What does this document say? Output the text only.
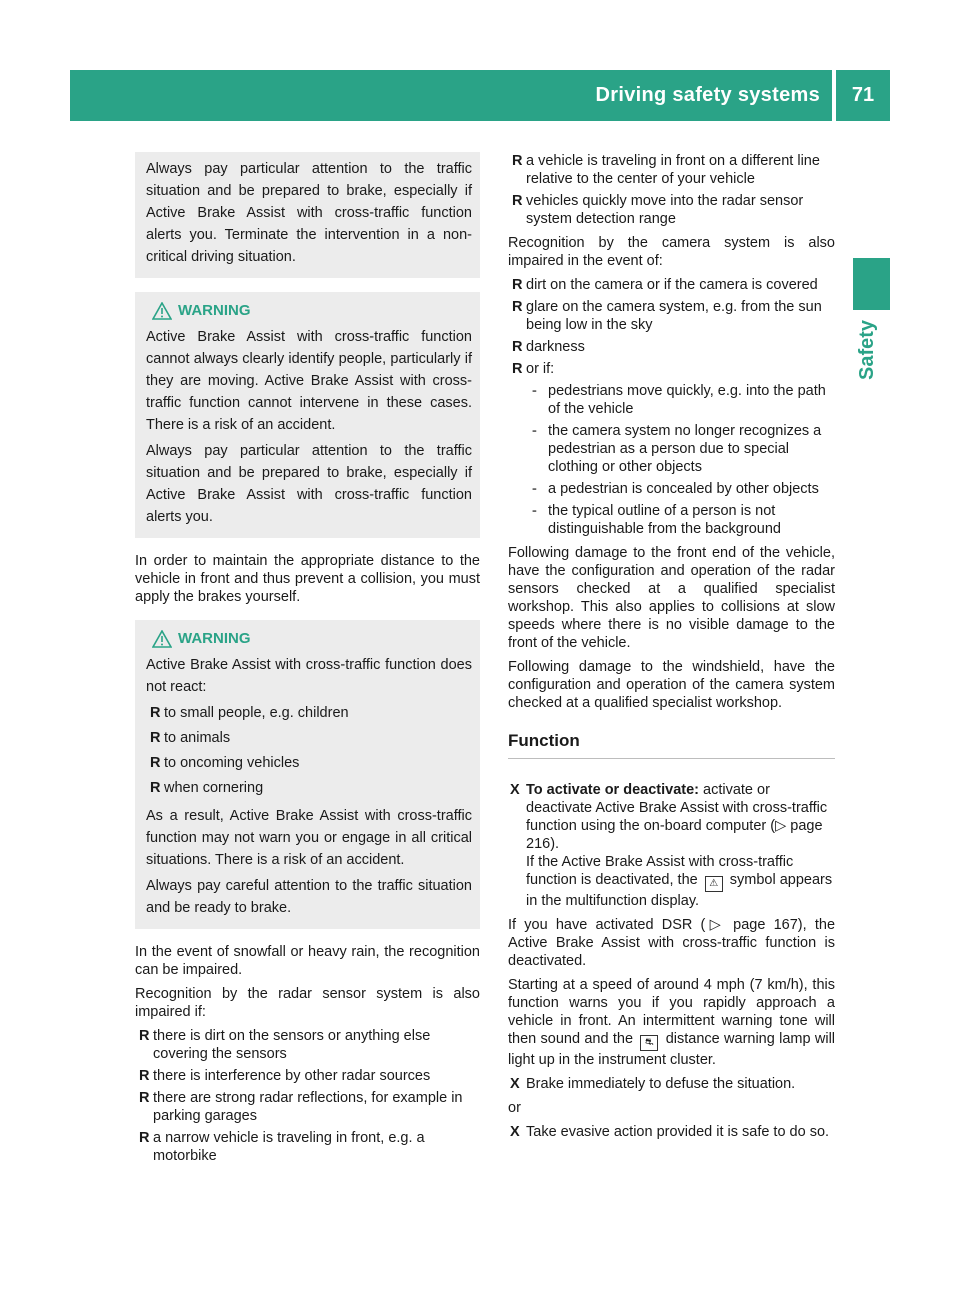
Driving safety systems	71
Safety

Always pay particular attention to the traffic situation and be prepared to brake, especially if Active Brake Assist with cross-traffic function alerts you. Terminate the intervention in a non-critical driving situation.

WARNING

Active Brake Assist with cross-traffic function cannot always clearly identify people, particularly if they are moving. Active Brake Assist with cross-traffic function cannot intervene in these cases. There is a risk of an accident.

Always pay particular attention to the traffic situation and be prepared to brake, especially if Active Brake Assist with cross-traffic function alerts you.

In order to maintain the appropriate distance to the vehicle in front and thus prevent a collision, you must apply the brakes yourself.

WARNING

Active Brake Assist with cross-traffic function does not react:

R to small people, e.g. children
R to animals
R to oncoming vehicles
R when cornering

As a result, Active Brake Assist with cross-traffic function may not warn you or engage in all critical situations. There is a risk of an accident.

Always pay careful attention to the traffic situation and be ready to brake.

In the event of snowfall or heavy rain, the recognition can be impaired.

Recognition by the radar sensor system is also impaired if:

R there is dirt on the sensors or anything else covering the sensors
R there is interference by other radar sources
R there are strong radar reflections, for example in parking garages
R a narrow vehicle is traveling in front, e.g. a motorbike
R a vehicle is traveling in front on a different line relative to the center of your vehicle
R vehicles quickly move into the radar sensor system detection range

Recognition by the camera system is also impaired in the event of:

R dirt on the camera or if the camera is covered
R glare on the camera system, e.g. from the sun being low in the sky
R darkness
R or if:
- pedestrians move quickly, e.g. into the path of the vehicle
- the camera system no longer recognizes a pedestrian as a person due to special clothing or other objects
- a pedestrian is concealed by other objects
- the typical outline of a person is not distinguishable from the background

Following damage to the front end of the vehicle, have the configuration and operation of the radar sensors checked at a qualified specialist workshop. This also applies to collisions at slow speeds where there is no visible damage to the front of the vehicle.

Following damage to the windshield, have the configuration and operation of the camera system checked at a qualified specialist workshop.

Function
X To activate or deactivate: activate or deactivate Active Brake Assist with cross-traffic function using the on-board computer (▷ page 216).
If the Active Brake Assist with cross-traffic function is deactivated, the ⚠ symbol appears in the multifunction display.

If you have activated DSR (▷ page 167), the Active Brake Assist with cross-traffic function is deactivated.

Starting at a speed of around 4 mph (7 km/h), this function warns you if you rapidly approach a vehicle in front. An intermittent warning tone will then sound and the ⛐ distance warning lamp will light up in the instrument cluster.

X Brake immediately to defuse the situation.

or

X Take evasive action provided it is safe to do so.
